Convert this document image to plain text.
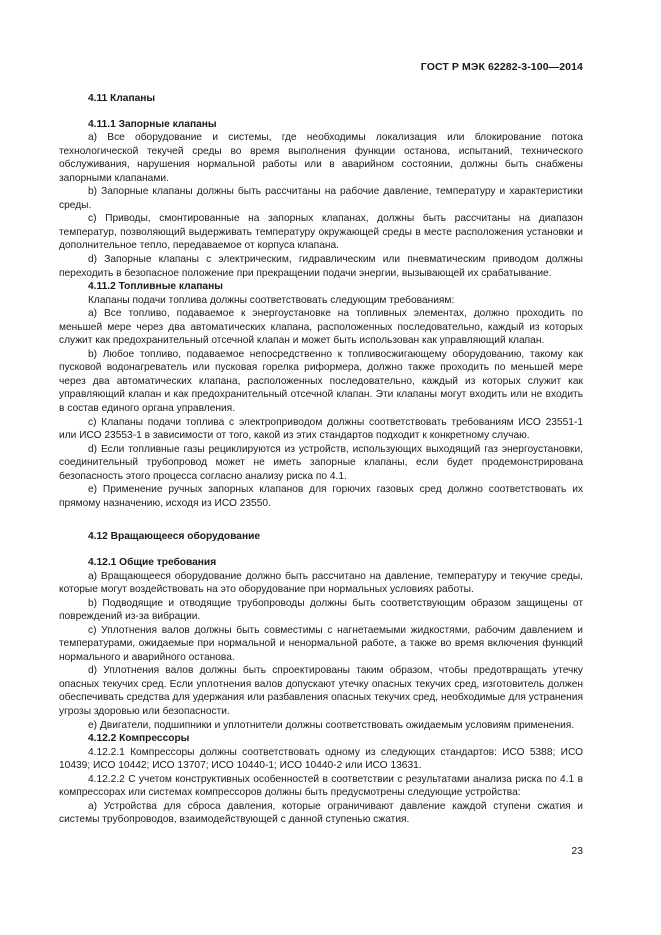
ГОСТ Р МЭК 62282-3-100—2014

4.11 Клапаны

4.11.1 Запорные клапаны

а) Все оборудование и системы, где необходимы локализация или блокирование потока технологической текучей среды во время выполнения функции останова, испытаний, технического обслуживания, нарушения нормальной работы или в аварийном состоянии, должны быть снабжены запорными клапанами.

b) Запорные клапаны должны быть рассчитаны на рабочие давление, температуру и характеристики среды.

с) Приводы, смонтированные на запорных клапанах, должны быть рассчитаны на диапазон температур, позволяющий выдерживать температуру окружающей среды в месте расположения установки и дополнительное тепло, передаваемое от корпуса клапана.

d) Запорные клапаны с электрическим, гидравлическим или пневматическим приводом должны переходить в безопасное положение при прекращении подачи энергии, вызывающей их срабатывание.

4.11.2 Топливные клапаны

Клапаны подачи топлива должны соответствовать следующим требованиям:

а) Все топливо, подаваемое к энергоустановке на топливных элементах, должно проходить по меньшей мере через два автоматических клапана, расположенных последовательно, каждый из которых служит как предохранительный отсечной клапан и может быть использован как управляющий клапан.

b) Любое топливо, подаваемое непосредственно к топливосжигающему оборудованию, такому как пусковой водонагреватель или пусковая горелка риформера, должно также проходить по меньшей мере через два автоматических клапана, расположенных последовательно, каждый из которых служит как управляющий клапан и как предохранительный отсечной клапан. Эти клапаны могут входить или не входить в состав единого органа управления.

с) Клапаны подачи топлива с электроприводом должны соответствовать требованиям ИСО 23551-1 или ИСО 23553-1 в зависимости от того, какой из этих стандартов подходит к конкретному случаю.

d) Если топливные газы рециклируются из устройств, использующих выходящий газ энергоустановки, соединительный трубопровод может не иметь запорные клапаны, если будет продемонстрирована безопасность этого процесса согласно анализу риска по 4.1.

е) Применение ручных запорных клапанов для горючих газовых сред должно соответствовать их прямому назначению, исходя из ИСО 23550.

4.12 Вращающееся оборудование

4.12.1 Общие требования

а) Вращающееся оборудование должно быть рассчитано на давление, температуру и текучие среды, которые могут воздействовать на это оборудование при нормальных условиях работы.

b) Подводящие и отводящие трубопроводы должны быть соответствующим образом защищены от повреждений из-за вибрации.

с) Уплотнения валов должны быть совместимы с нагнетаемыми жидкостями, рабочим давлением и температурами, ожидаемые при нормальной и ненормальной работе, а также во время включения функций нормального и аварийного останова.

d) Уплотнения валов должны быть спроектированы таким образом, чтобы предотвращать утечку опасных текучих сред. Если уплотнения валов допускают утечку опасных текучих сред, изготовитель должен обеспечивать средства для удержания или разбавления опасных текучих сред, необходимые для устранения угрозы здоровью или безопасности.

е) Двигатели, подшипники и уплотнители должны соответствовать ожидаемым условиям применения.

4.12.2 Компрессоры

4.12.2.1 Компрессоры должны соответствовать одному из следующих стандартов: ИСО 5388; ИСО 10439; ИСО 10442; ИСО 13707; ИСО 10440-1; ИСО 10440-2 или ИСО 13631.

4.12.2.2 С учетом конструктивных особенностей в соответствии с результатами анализа риска по 4.1 в компрессорах или системах компрессоров должны быть предусмотрены следующие устройства:

а) Устройства для сброса давления, которые ограничивают давление каждой ступени сжатия и системы трубопроводов, взаимодействующей с данной ступенью сжатия.

23
